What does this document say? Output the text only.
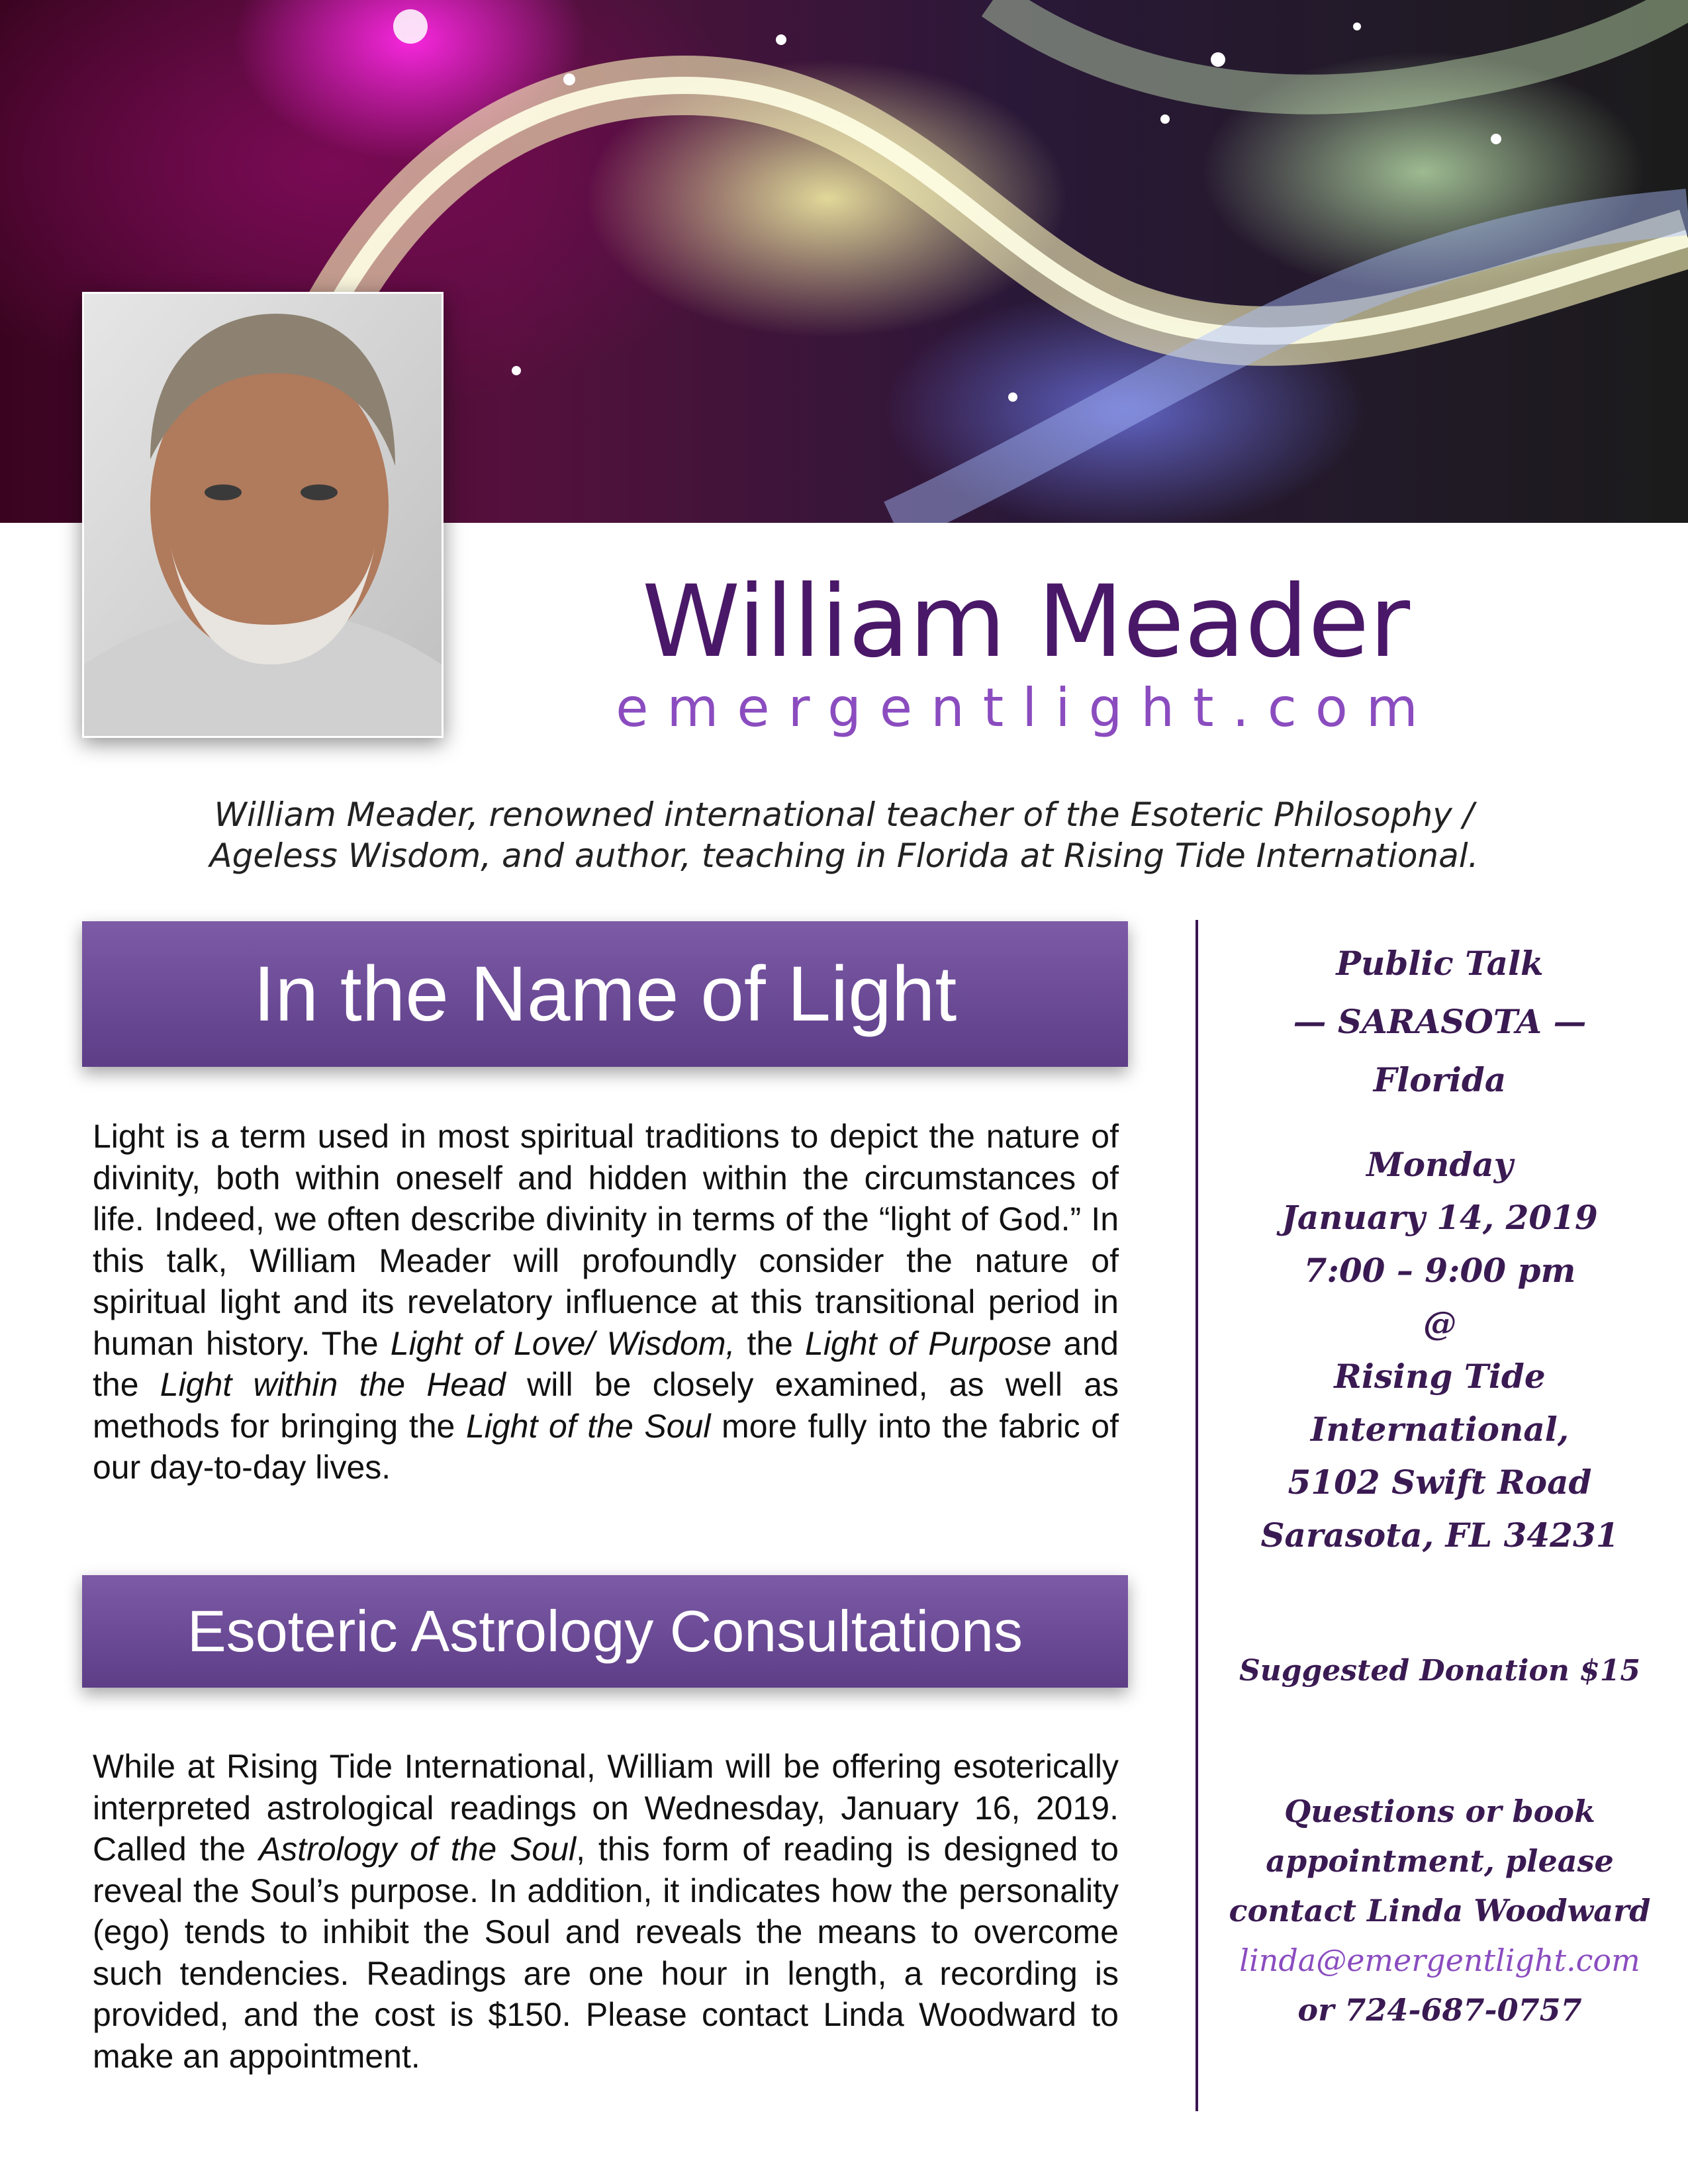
William Meader
emergentlight.com
William Meader, renowned international teacher of the Esoteric Philosophy /
Ageless Wisdom, and author, teaching in Florida at Rising Tide International.
In the Name of Light
Light is a term used in most spiritual traditions to depict the nature of divinity, both within oneself and hidden within the circumstances of life. Indeed, we often describe divinity in terms of the “light of God.” In this talk, William Meader will profoundly consider the nature of spiritual light and its revelatory influence at this transitional period in human history. The Light of Love/ Wisdom, the Light of Purpose and the Light within the Head will be closely examined, as well as methods for bringing the Light of the Soul more fully into the fabric of our day-to-day lives.
Esoteric Astrology Consultations
While at Rising Tide International, William will be offering esoterically interpreted astrological readings on Wednesday, January 16, 2019. Called the Astrology of the Soul, this form of reading is designed to reveal the Soul’s purpose. In addition, it indicates how the personality (ego) tends to inhibit the Soul and reveals the means to overcome such tendencies. Readings are one hour in length, a recording is provided, and the cost is $150. Please contact Linda Woodward to make an appointment.
Public Talk
— SARASOTA —
Florida
Monday
January 14, 2019
7:00 – 9:00 pm
@
Rising Tide
International,
5102 Swift Road
Sarasota, FL 34231
Suggested Donation $15
Questions or book
appointment, please
contact Linda Woodward
linda@emergentlight.com
or 724-687-0757
